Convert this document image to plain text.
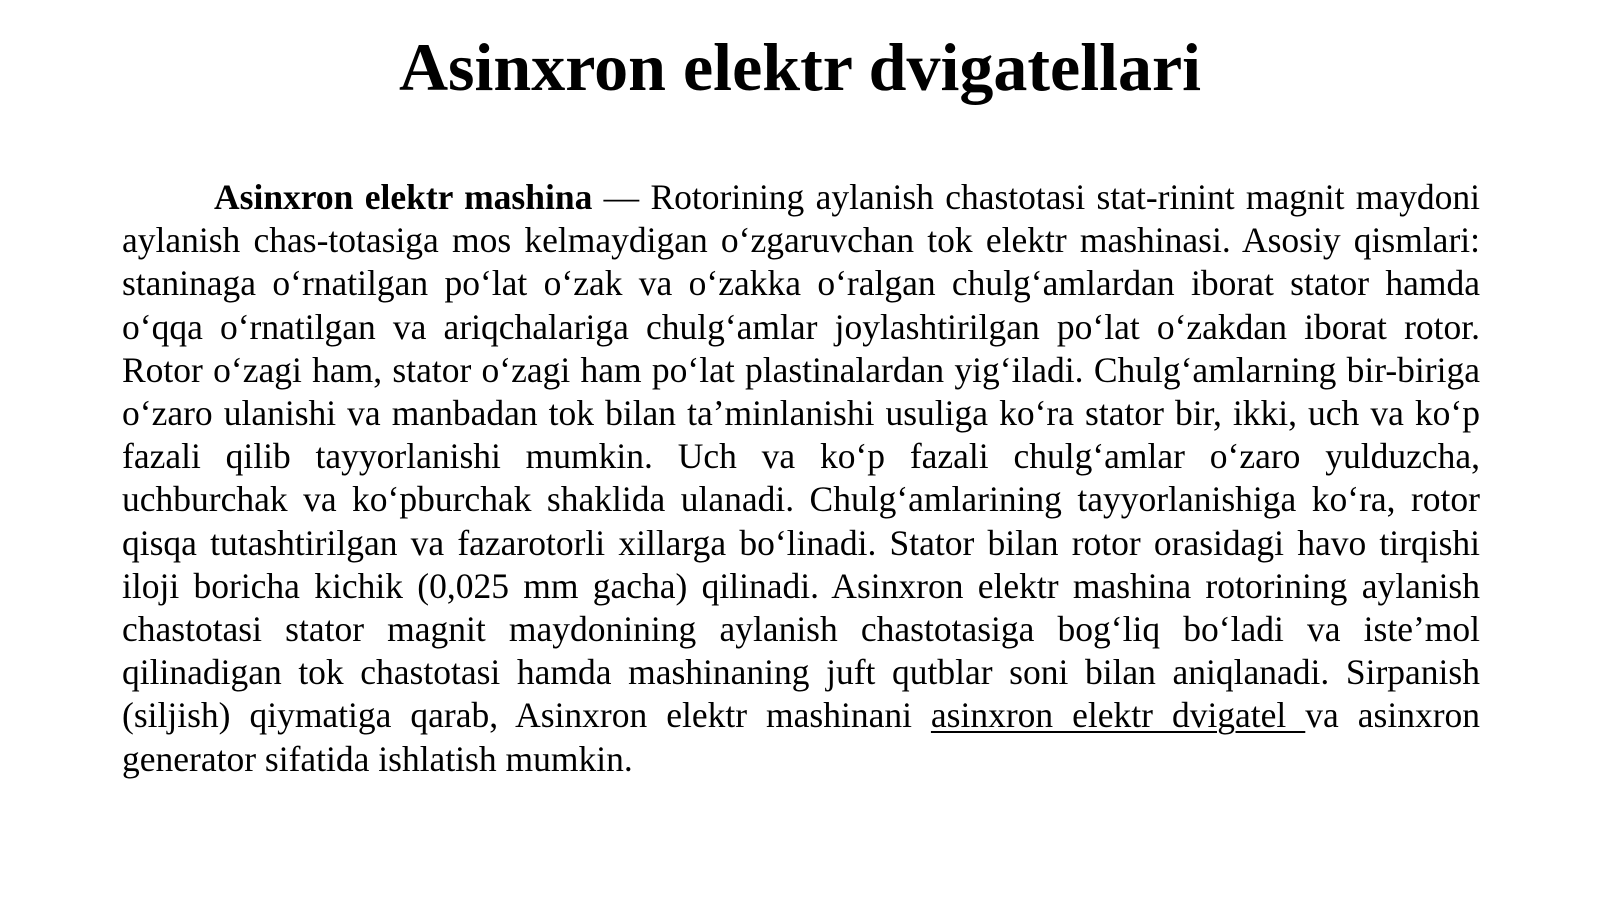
Asinxron elektr dvigatellari

Asinxron elektr mashina — Rotorining aylanish chastotasi stat-rinint magnit maydoni aylanish chas-totasiga mos kelmaydigan oʻzgaruvchan tok elektr mashinasi. Asosiy qismlari: staninaga oʻrnatilgan poʻlat oʻzak va oʻzakka oʻralgan chulgʻamlardan iborat stator hamda oʻqqa oʻrnatilgan va ariqchalariga chulgʻamlar joylashtirilgan poʻlat oʻzakdan iborat rotor. Rotor oʻzagi ham, stator oʻzagi ham poʻlat plastinalardan yigʻiladi. Chulgʻamlarning bir-biriga oʻzaro ulanishi va manbadan tok bilan taʼminlanishi usuliga koʻra stator bir, ikki, uch va koʻp fazali qilib tayyorlanishi mumkin. Uch va koʻp fazali chulgʻamlar oʻzaro yulduzcha, uchburchak va koʻpburchak shaklida ulanadi. Chulgʻamlarining tayyorlanishiga koʻra, rotor qisqa tutashtirilgan va fazarotorli xillarga boʻlinadi. Stator bilan rotor orasidagi havo tirqishi iloji boricha kichik (0,025 mm gacha) qilinadi. Asinxron elektr mashina rotorining aylanish chastotasi stator magnit maydonining aylanish chastotasiga bogʻliq boʻladi va isteʼmol qilinadigan tok chastotasi hamda mashinaning juft qutblar soni bilan aniqlanadi. Sirpanish (siljish) qiymatiga qarab, Asinxron elektr mashinani asinxron elektr dvigatel va asinxron generator sifatida ishlatish mumkin.
